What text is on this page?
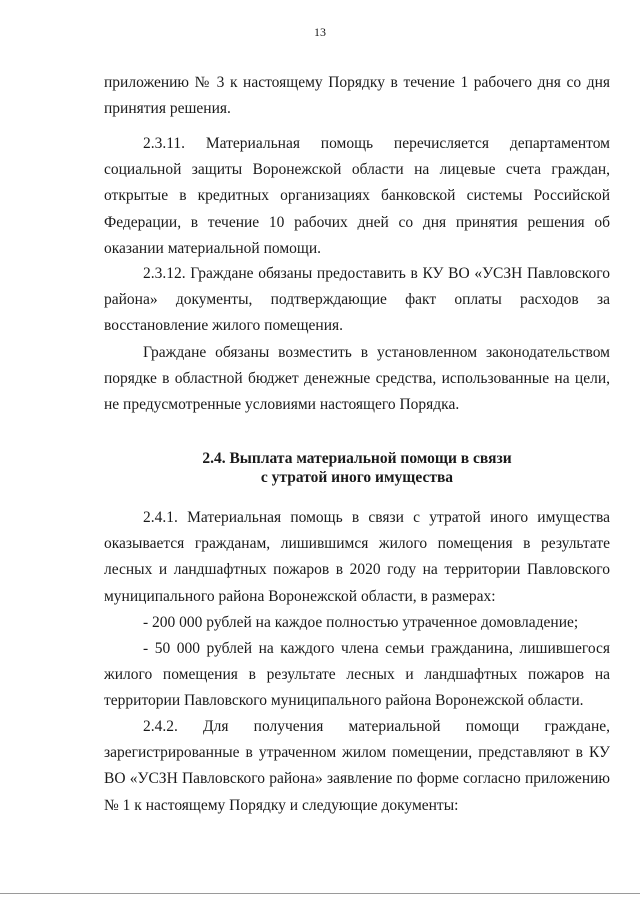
13

приложению № 3 к настоящему Порядку в течение 1 рабочего дня со дня принятия решения.

2.3.11. Материальная помощь перечисляется департаментом социальной защиты Воронежской области на лицевые счета граждан, открытые в кредитных организациях банковской системы Российской Федерации, в течение 10 рабочих дней со дня принятия решения об оказании материальной помощи.

2.3.12. Граждане обязаны предоставить в КУ ВО «УСЗН Павловского района» документы, подтверждающие факт оплаты расходов за восстановление жилого помещения.

Граждане обязаны возместить в установленном законодательством порядке в областной бюджет денежные средства, использованные на цели, не предусмотренные условиями настоящего Порядка.

2.4. Выплата материальной помощи в связи
с утратой иного имущества

2.4.1. Материальная помощь в связи с утратой иного имущества оказывается гражданам, лишившимся жилого помещения в результате лесных и ландшафтных пожаров в 2020 году на территории Павловского муниципального района Воронежской области, в размерах:

- 200 000 рублей на каждое полностью утраченное домовладение;

- 50 000 рублей на каждого члена семьи гражданина, лишившегося жилого помещения в результате лесных и ландшафтных пожаров на территории Павловского муниципального района Воронежской области.

2.4.2. Для получения материальной помощи граждане, зарегистрированные в утраченном жилом помещении, представляют в КУ ВО «УСЗН Павловского района» заявление по форме согласно приложению № 1 к настоящему Порядку и следующие документы:
